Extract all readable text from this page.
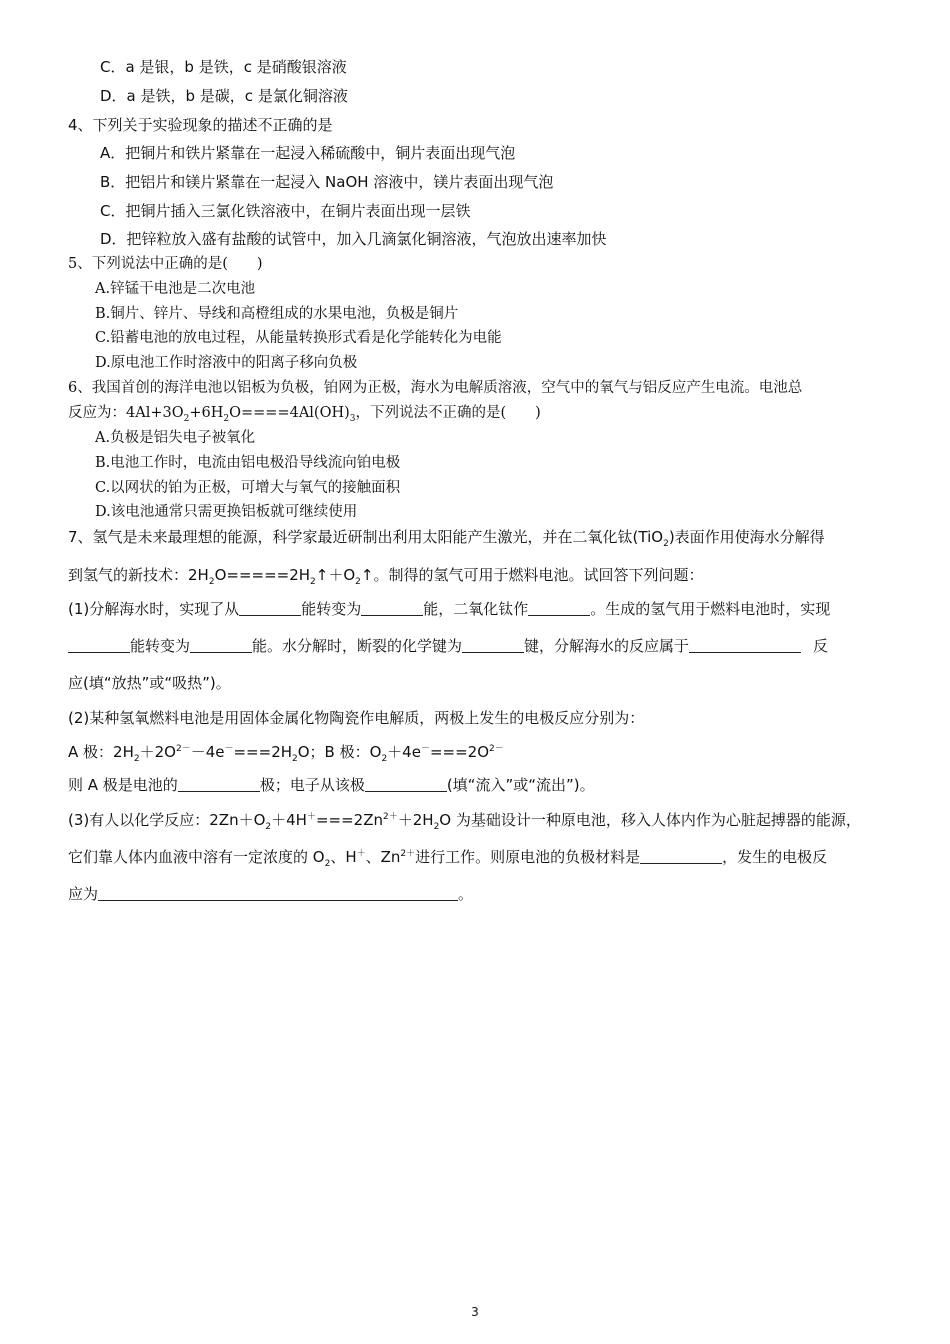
C．a 是银，b 是铁，c 是硝酸银溶液
D．a 是铁，b 是碳，c 是氯化铜溶液
4、下列关于实验现象的描述不正确的是
A．把铜片和铁片紧靠在一起浸入稀硫酸中，铜片表面出现气泡
B．把铝片和镁片紧靠在一起浸入 NaOH 溶液中，镁片表面出现气泡
C．把铜片插入三氯化铁溶液中，在铜片表面出现一层铁
D．把锌粒放入盛有盐酸的试管中，加入几滴氯化铜溶液，气泡放出速率加快
5、下列说法中正确的是(　　)
A.锌锰干电池是二次电池
B.铜片、锌片、导线和高橙组成的水果电池，负极是铜片
C.铅蓄电池的放电过程，从能量转换形式看是化学能转化为电能
D.原电池工作时溶液中的阳离子移向负极
6、我国首创的海洋电池以铝板为负极，铂网为正极，海水为电解质溶液，空气中的氧气与铝反应产生电流。电池总
反应为：$4Al+3O_2+6H_2O====4Al(OH)_3$，下列说法不正确的是(　　)
A.负极是铝失电子被氧化
B.电池工作时，电流由铝电极沿导线流向铂电极
C.以网状的铂为正极，可增大与氧气的接触面积
D.该电池通常只需更换铝板就可继续使用
7、氢气是未来最理想的能源，科学家最近研制出利用太阳能产生激光，并在二氧化钛(TiO$_2$)表面作用使海水分解得
到氢气的新技术：$2H_2O=====2H_2↑+O_2↑$。制得的氢气可用于燃料电池。试回答下列问题：
(1)分解海水时，实现了从	能转变为	能，二氧化钛作	。生成的氢气用于燃料电池时，实现
能转变为	能。水分解时，断裂的化学键为	键，分解海水的反应属于	反
应(填“放热”或“吸热”)。
(2)某种氢氧燃料电池是用固体金属化物陶瓷作电解质，两极上发生的电极反应分别为：
A 极：$2H_2+2O^{2-}-4e^-===2H_2O$；B 极：$O_2+4e^-===2O^{2-}$
则 A 极是电池的	极；电子从该极	(填“流入”或“流出”)。
(3)有人以化学反应：$2Zn+O_2+4H^+===2Zn^{2+}+2H_2O$ 为基础设计一种原电池，移入人体内作为心脏起搏器的能源，
它们靠人体内血液中溶有一定浓度的 $O_2$、H＋、$Zn^{2+}$进行工作。则原电池的负极材料是	，发生的电极反
应为	。
3
